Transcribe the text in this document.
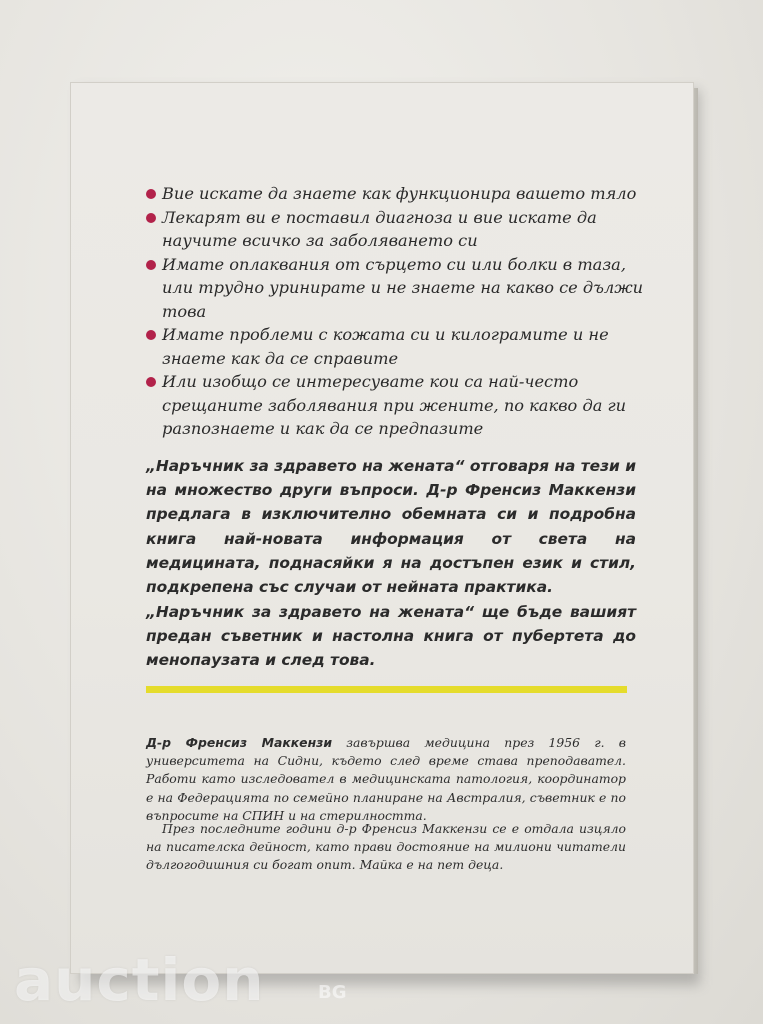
Вие искате да знаете как функционира вашето тяло
Лекарят ви е поставил диагноза и вие искате да научите всичко за заболяването си
Имате оплаквания от сърцето си или болки в таза, или трудно уринирате и не знаете на какво се дължи това
Имате проблеми с кожата си и килограмите и не знаете как да се справите
Или изобщо се интересувате кои са най-често срещаните заболявания при жените, по какво да ги разпознаете и как да се предпазите

„Наръчник за здравето на жената“ отговаря на тези и на множество други въпроси. Д-р Френсиз Маккензи предлага в изключително обемната си и подробна книга най-новата информация от света на медицината, поднасяйки я на достъпен език и стил, подкрепена със случаи от нейната практика.

„Наръчник за здравето на жената“ ще бъде вашият предан съветник и настолна книга от пубертета до менопаузата и след това.

Д-р Френсиз Маккензи завършва медицина през 1956 г. в университета на Сидни, където след време става преподавател. Работи като изследовател в медицинската патология, координатор е на Федерацията по семейно планиране на Австралия, съветник е по въпросите на СПИН и на стерилността.

През последните години д-р Френсиз Маккензи се е отдала изцяло на писателска дейност, като прави достояние на милиони читатели дългогодишния си богат опит. Майка е на пет деца.

auction	BG
